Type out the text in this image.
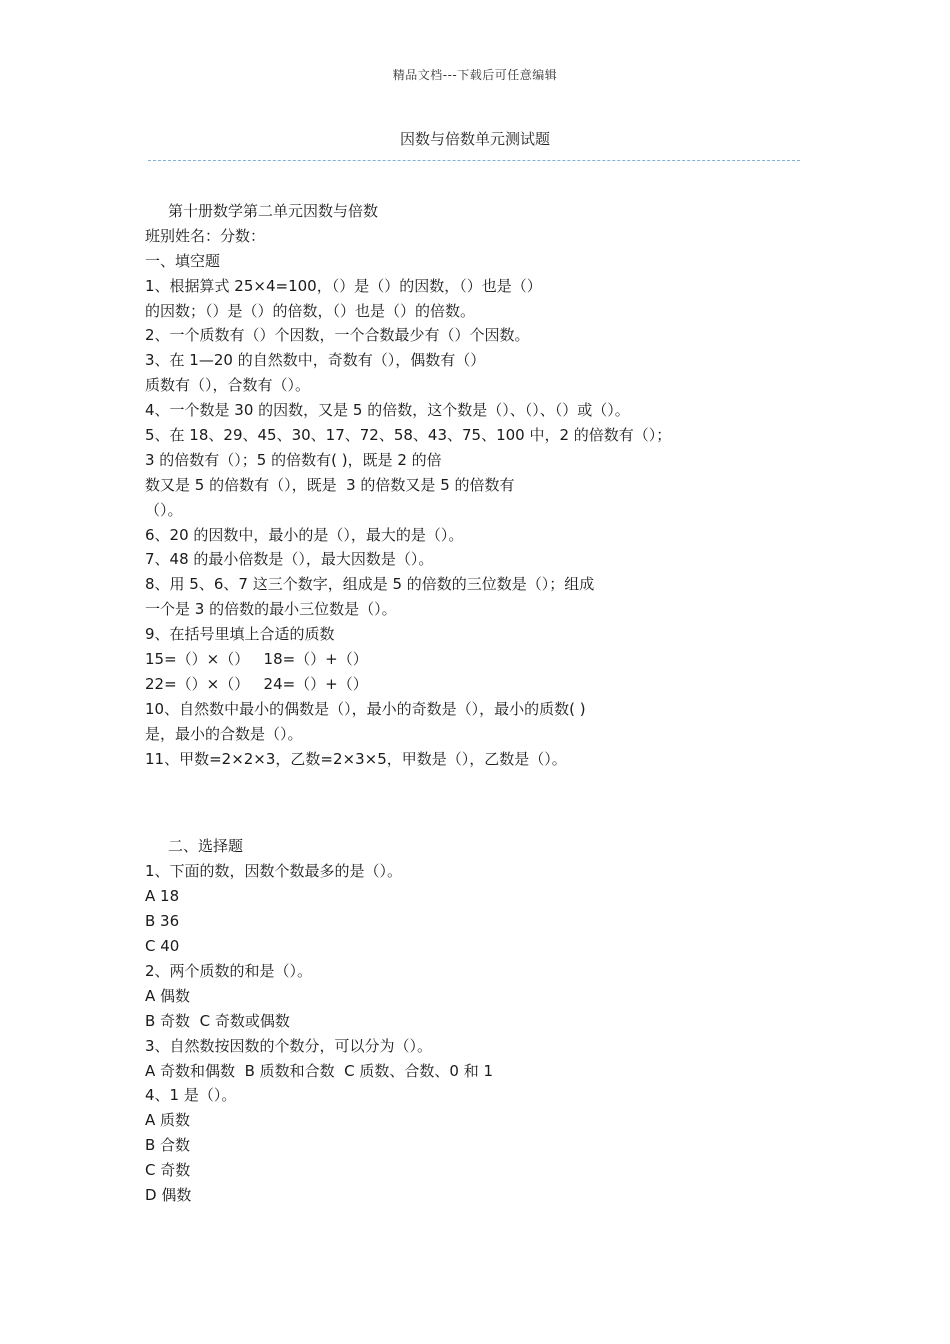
精品文档---下载后可任意编辑
因数与倍数单元测试题
第十册数学第二单元因数与倍数
班别姓名：分数：
一、填空题
1、根据算式 25×4=100，（）是（）的因数，（）也是（）
的因数；（）是（）的倍数，（）也是（）的倍数。
2、一个质数有（）个因数，一个合数最少有（）个因数。
3、在 1—20 的自然数中，奇数有（），偶数有（）
质数有（），合数有（）。
4、一个数是 30 的因数，又是 5 的倍数，这个数是（）、（）、（）或（）。
5、在 18、29、45、30、17、72、58、43、75、100 中，2 的倍数有（）；
3 的倍数有（）；5 的倍数有( )，既是 2 的倍
数又是 5 的倍数有（），既是  3 的倍数又是 5 的倍数有
（）。
6、20 的因数中，最小的是（），最大的是（）。
7、48 的最小倍数是（），最大因数是（）。
8、用 5、6、7 这三个数字，组成是 5 的倍数的三位数是（）；组成
一个是 3 的倍数的最小三位数是（）。
9、在括号里填上合适的质数
15=（）×（）   18=（）+（）
22=（）×（）   24=（）+（）
10、自然数中最小的偶数是（），最小的奇数是（），最小的质数( )
是，最小的合数是（）。
11、甲数=2×2×3，乙数=2×3×5，甲数是（），乙数是（）。
二、选择题
1、下面的数，因数个数最多的是（）。
A 18
B 36
C 40
2、两个质数的和是（）。
A 偶数
B 奇数  C 奇数或偶数
3、自然数按因数的个数分，可以分为（）。
A 奇数和偶数  B 质数和合数  C 质数、合数、0 和 1
4、1 是（）。
A 质数
B 合数
C 奇数
D 偶数
